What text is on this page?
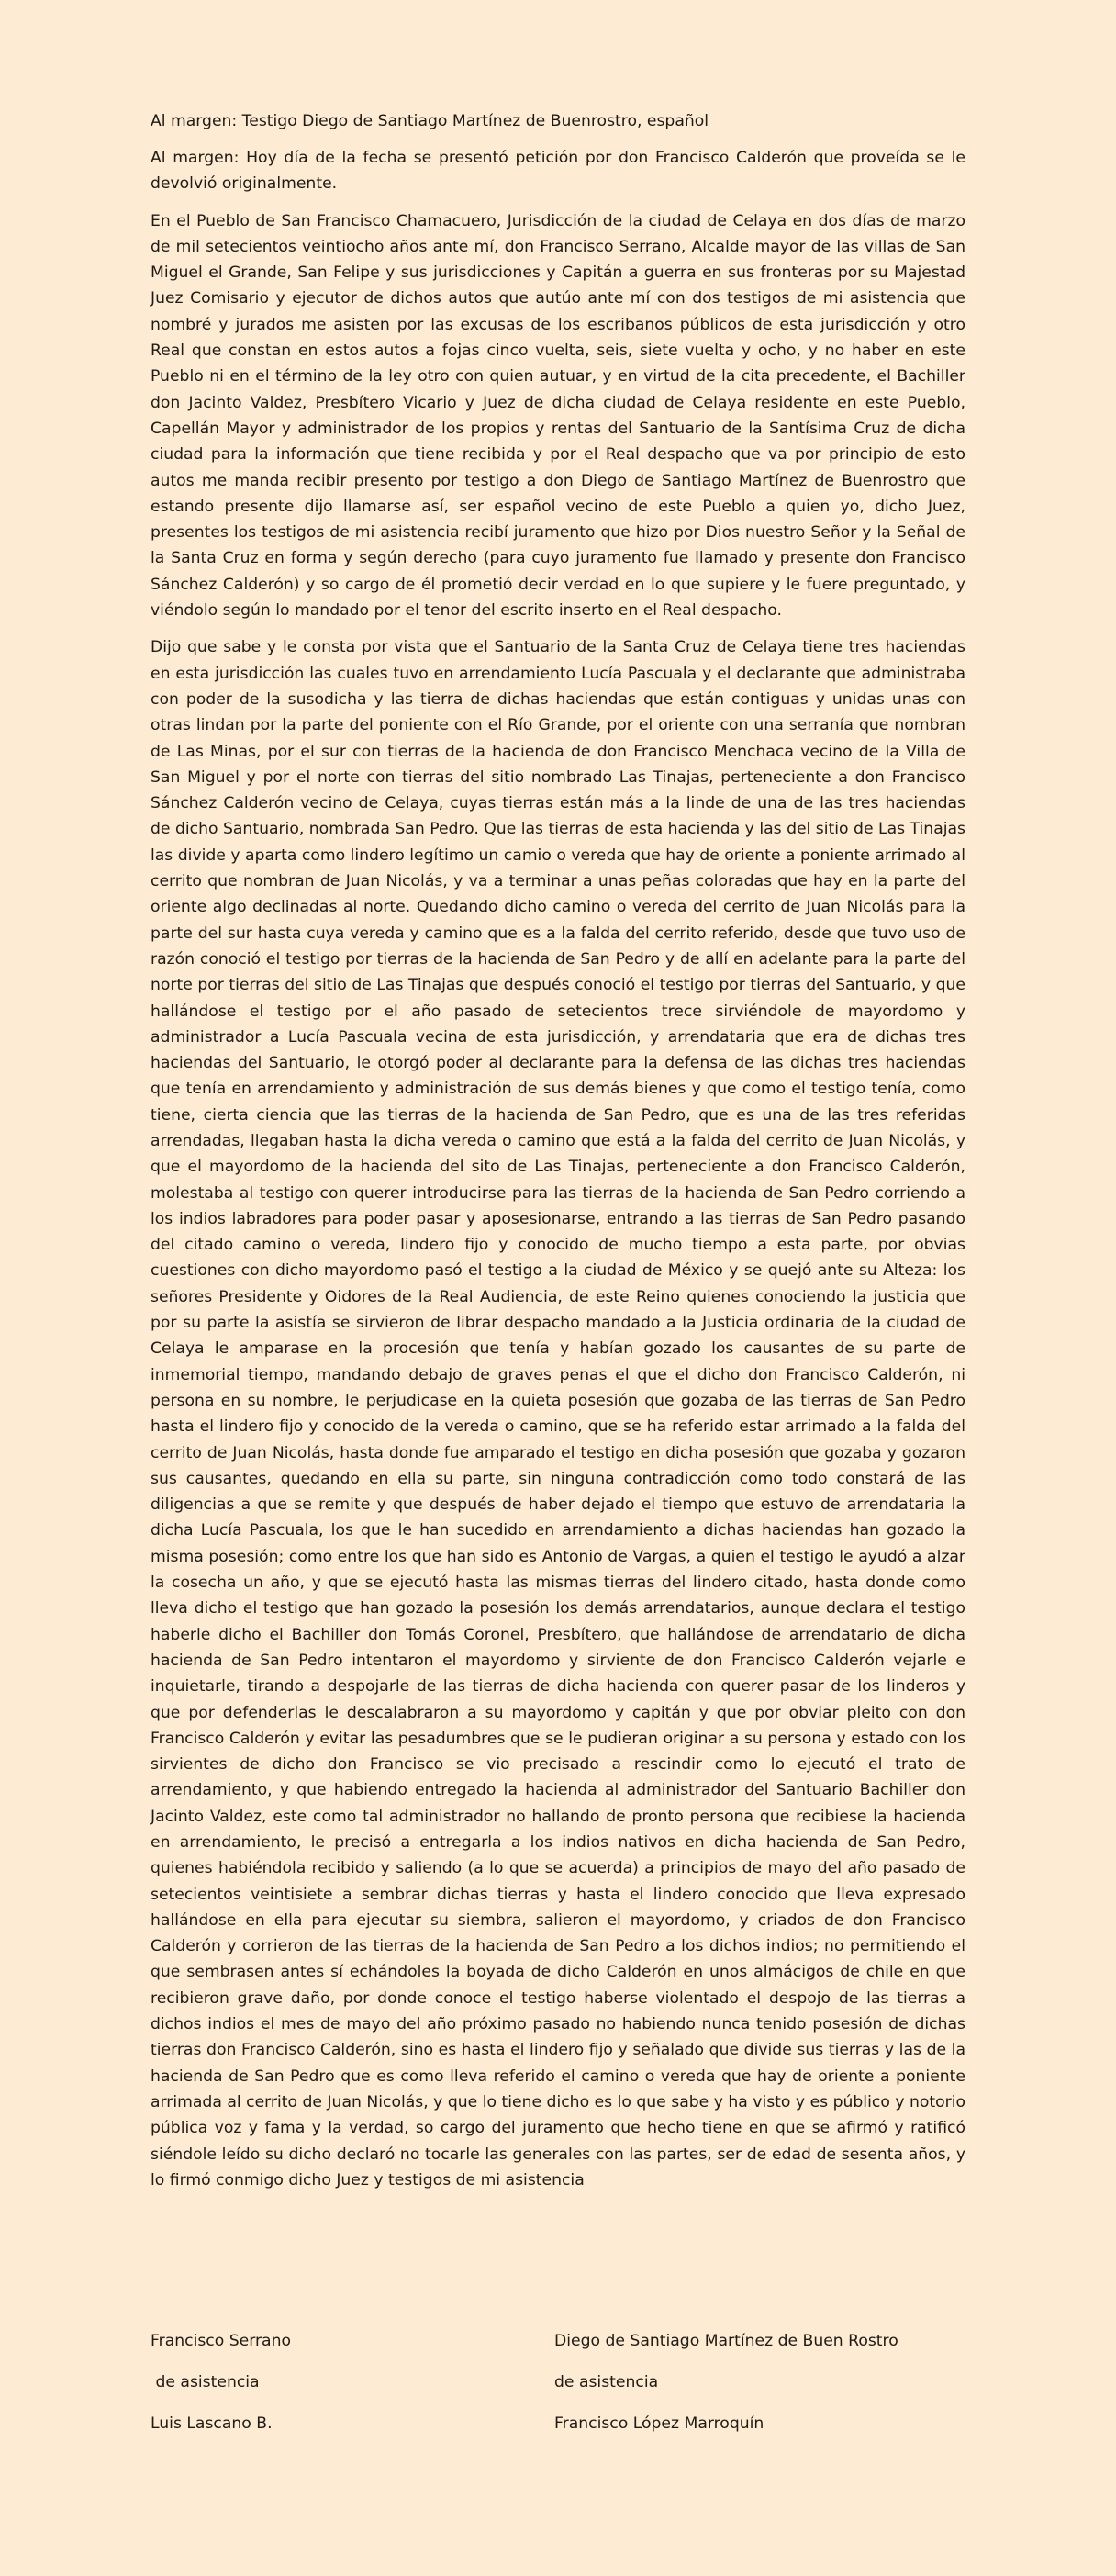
Al margen: Testigo Diego de Santiago Martínez de Buenrostro, español

Al margen: Hoy día de la fecha se presentó petición por don Francisco Calderón que proveída se le devolvió originalmente.

En el Pueblo de San Francisco Chamacuero, Jurisdicción de la ciudad de Celaya en dos días de marzo de mil setecientos veintiocho años ante mí, don Francisco Serrano, Alcalde mayor de las villas de San Miguel el Grande, San Felipe y sus jurisdicciones y Capitán a guerra en sus fronteras por su Majestad Juez Comisario y ejecutor de dichos autos que autúo ante mí con dos testigos de mi asistencia que nombré y jurados me asisten por las excusas de los escribanos públicos de esta jurisdicción y otro Real que constan en estos autos a fojas cinco vuelta, seis, siete vuelta y ocho, y no haber en este Pueblo ni en el término de la ley otro con quien autuar, y en virtud de la cita precedente, el Bachiller don Jacinto Valdez, Presbítero Vicario y Juez de dicha ciudad de Celaya residente en este Pueblo, Capellán Mayor y administrador de los propios y rentas del Santuario de la Santísima Cruz de dicha ciudad para la información que tiene recibida y por el Real despacho que va por principio de esto autos me manda recibir presento por testigo a don Diego de Santiago Martínez de Buenrostro que estando presente dijo llamarse así, ser español vecino de este Pueblo a quien yo, dicho Juez, presentes los testigos de mi asistencia recibí juramento que hizo por Dios nuestro Señor y la Señal de la Santa Cruz en forma y según derecho (para cuyo juramento fue llamado y presente don Francisco Sánchez Calderón) y so cargo de él prometió decir verdad en lo que supiere y le fuere preguntado, y viéndolo según lo mandado por el tenor del escrito inserto en el Real despacho.

Dijo que sabe y le consta por vista que el Santuario de la Santa Cruz de Celaya tiene tres haciendas en esta jurisdicción las cuales tuvo en arrendamiento Lucía Pascuala y el declarante que administraba con poder de la susodicha y las tierra de dichas haciendas que están contiguas y unidas unas con otras lindan por la parte del poniente con el Río Grande, por el oriente con una serranía que nombran de Las Minas, por el sur con tierras de la hacienda de don Francisco Menchaca vecino de la Villa de San Miguel y por el norte con tierras del sitio nombrado Las Tinajas, perteneciente a don Francisco Sánchez Calderón vecino de Celaya, cuyas tierras están más a la linde de una de las tres haciendas de dicho Santuario, nombrada San Pedro. Que las tierras de esta hacienda y las del sitio de Las Tinajas las divide y aparta como lindero legítimo un camio o vereda que hay de oriente a poniente arrimado al cerrito que nombran de Juan Nicolás, y va a terminar a unas peñas coloradas que hay en la parte del oriente algo declinadas al norte. Quedando dicho camino o vereda del cerrito de Juan Nicolás para la parte del sur hasta cuya vereda y camino que es a la falda del cerrito referido, desde que tuvo uso de razón conoció el testigo por tierras de la hacienda de San Pedro y de allí en adelante para la parte del norte por tierras del sitio de Las Tinajas que después conoció el testigo por tierras del Santuario, y que hallándose el testigo por el año pasado de setecientos trece sirviéndole de mayordomo y administrador a Lucía Pascuala vecina de esta jurisdicción, y arrendataria que era de dichas tres haciendas del Santuario, le otorgó poder al declarante para la defensa de las dichas tres haciendas que tenía en arrendamiento y administración de sus demás bienes y que como el testigo tenía, como tiene, cierta ciencia que las tierras de la hacienda de San Pedro, que es una de las tres referidas arrendadas, llegaban hasta la dicha vereda o camino que está a la falda del cerrito de Juan Nicolás, y que el mayordomo de la hacienda del sito de Las Tinajas, perteneciente a don Francisco Calderón, molestaba al testigo con querer introducirse para las tierras de la hacienda de San Pedro corriendo a los indios labradores para poder pasar y aposesionarse, entrando a las tierras de San Pedro pasando del citado camino o vereda, lindero fijo y conocido de mucho tiempo a esta parte, por obvias cuestiones con dicho mayordomo pasó el testigo a la ciudad de México y se quejó ante su Alteza: los señores Presidente y Oidores de la Real Audiencia, de este Reino quienes conociendo la justicia que por su parte la asistía se sirvieron de librar despacho mandado a la Justicia ordinaria de la ciudad de Celaya le amparase en la procesión que tenía y habían gozado los causantes de su parte de inmemorial tiempo, mandando debajo de graves penas el que el dicho don Francisco Calderón, ni persona en su nombre, le perjudicase en la quieta posesión que gozaba de las tierras de San Pedro hasta el lindero fijo y conocido de la vereda o camino, que se ha referido estar arrimado a la falda del cerrito de Juan Nicolás, hasta donde fue amparado el testigo en dicha posesión que gozaba y gozaron sus causantes, quedando en ella su parte, sin ninguna contradicción como todo constará de las diligencias a que se remite y que después de haber dejado el tiempo que estuvo de arrendataria la dicha Lucía Pascuala, los que le han sucedido en arrendamiento a dichas haciendas han gozado la misma posesión; como entre los que han sido es Antonio de Vargas, a quien el testigo le ayudó a alzar la cosecha un año, y que se ejecutó hasta las mismas tierras del lindero citado, hasta donde como lleva dicho el testigo que han gozado la posesión los demás arrendatarios, aunque declara el testigo haberle dicho el Bachiller don Tomás Coronel, Presbítero, que hallándose de arrendatario de dicha hacienda de San Pedro intentaron el mayordomo y sirviente de don Francisco Calderón vejarle e inquietarle, tirando a despojarle de las tierras de dicha hacienda con querer pasar de los linderos y que por defenderlas le descalabraron a su mayordomo y capitán y que por obviar pleito con don Francisco Calderón y evitar las pesadumbres que se le pudieran originar a su persona y estado con los sirvientes de dicho don Francisco se vio precisado a rescindir como lo ejecutó el trato de arrendamiento, y que habiendo entregado la hacienda al administrador del Santuario Bachiller don Jacinto Valdez, este como tal administrador no hallando de pronto persona que recibiese la hacienda en arrendamiento, le precisó a entregarla a los indios nativos en dicha hacienda de San Pedro, quienes habiéndola recibido y saliendo (a lo que se acuerda) a principios de mayo del año pasado de setecientos veintisiete a sembrar dichas tierras y hasta el lindero conocido que lleva expresado hallándose en ella para ejecutar su siembra, salieron el mayordomo, y criados de don Francisco Calderón y corrieron de las tierras de la hacienda de San Pedro a los dichos indios; no permitiendo el que sembrasen antes sí echándoles la boyada de dicho Calderón en unos almácigos de chile en que recibieron grave daño, por donde conoce el testigo haberse violentado el despojo de las tierras a dichos indios el mes de mayo del año próximo pasado no habiendo nunca tenido posesión de dichas tierras don Francisco Calderón, sino es hasta el lindero fijo y señalado que divide sus tierras y las de la hacienda de San Pedro que es como lleva referido el camino o vereda que hay de oriente a poniente arrimada al cerrito de Juan Nicolás, y que lo tiene dicho es lo que sabe y ha visto y es público y notorio pública voz y fama y la verdad, so cargo del juramento que hecho tiene en que se afirmó y ratificó siéndole leído su dicho declaró no tocarle las generales con las partes, ser de edad de sesenta años, y lo firmó conmigo dicho Juez y testigos de mi asistencia

Francisco Serrano	Diego de Santiago Martínez de Buen Rostro
de asistencia	de asistencia
Luis Lascano B.	Francisco López Marroquín
